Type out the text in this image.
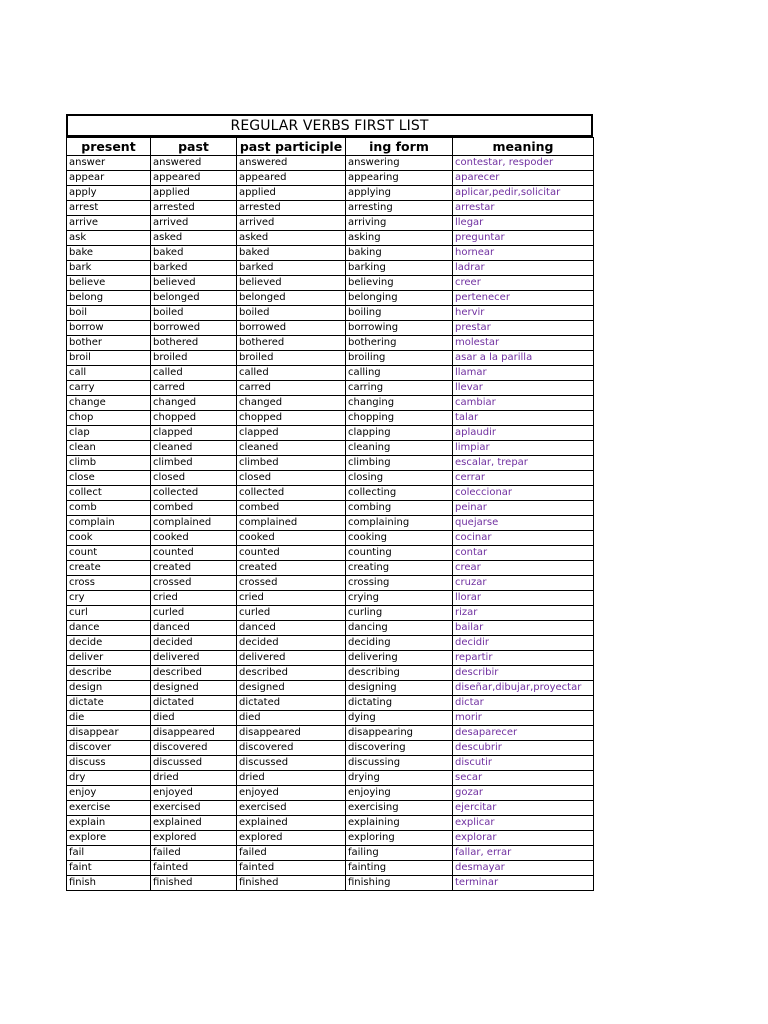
REGULAR VERBS FIRST LIST
present	past	past participle	ing form	meaning
answer	answered	answered	answering	contestar, respoder
appear	appeared	appeared	appearing	aparecer
apply	applied	applied	applying	aplicar,pedir,solicitar
arrest	arrested	arrested	arresting	arrestar
arrive	arrived	arrived	arriving	llegar
ask	asked	asked	asking	preguntar
bake	baked	baked	baking	hornear
bark	barked	barked	barking	ladrar
believe	believed	believed	believing	creer
belong	belonged	belonged	belonging	pertenecer
boil	boiled	boiled	boiling	hervir
borrow	borrowed	borrowed	borrowing	prestar
bother	bothered	bothered	bothering	molestar
broil	broiled	broiled	broiling	asar a la parilla
call	called	called	calling	llamar
carry	carred	carred	carring	llevar
change	changed	changed	changing	cambiar
chop	chopped	chopped	chopping	talar
clap	clapped	clapped	clapping	aplaudir
clean	cleaned	cleaned	cleaning	limpiar
climb	climbed	climbed	climbing	escalar, trepar
close	closed	closed	closing	cerrar
collect	collected	collected	collecting	coleccionar
comb	combed	combed	combing	peinar
complain	complained	complained	complaining	quejarse
cook	cooked	cooked	cooking	cocinar
count	counted	counted	counting	contar
create	created	created	creating	crear
cross	crossed	crossed	crossing	cruzar
cry	cried	cried	crying	llorar
curl	curled	curled	curling	rizar
dance	danced	danced	dancing	bailar
decide	decided	decided	deciding	decidir
deliver	delivered	delivered	delivering	repartir
describe	described	described	describing	describir
design	designed	designed	designing	diseñar,dibujar,proyectar
dictate	dictated	dictated	dictating	dictar
die	died	died	dying	morir
disappear	disappeared	disappeared	disappearing	desaparecer
discover	discovered	discovered	discovering	descubrir
discuss	discussed	discussed	discussing	discutir
dry	dried	dried	drying	secar
enjoy	enjoyed	enjoyed	enjoying	gozar
exercise	exercised	exercised	exercising	ejercitar
explain	explained	explained	explaining	explicar
explore	explored	explored	exploring	explorar
fail	failed	failed	failing	fallar, errar
faint	fainted	fainted	fainting	desmayar
finish	finished	finished	finishing	terminar
